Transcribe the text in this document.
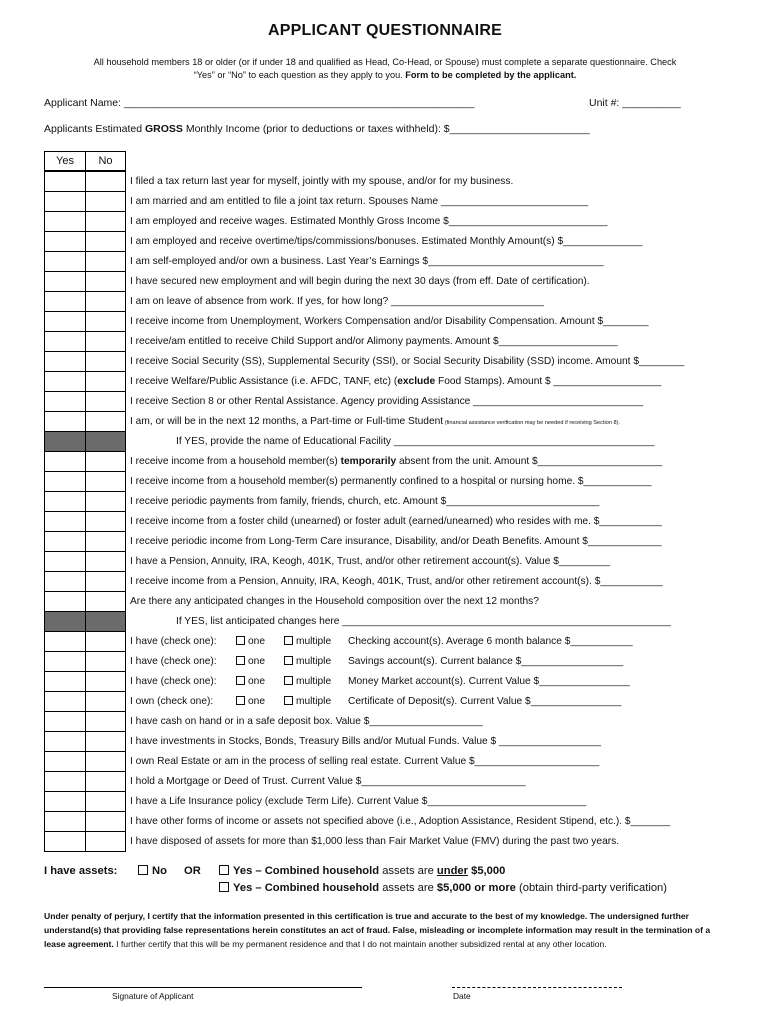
APPLICANT QUESTIONNAIRE
All household members 18 or older (or if under 18 and qualified as Head, Co-Head, or Spouse) must complete a separate questionnaire. Check
“Yes” or “No” to each question as they apply to you. Form to be completed by the applicant.
Applicant Name: ____________________________________________________________	Unit #: __________
Applicants Estimated GROSS Monthly Income (prior to deductions or taxes withheld): $________________________
Yes	No
I filed a tax return last year for myself, jointly with my spouse, and/or for my business.
I am married and am entitled to file a joint tax return. Spouses Name __________________________
I am employed and receive wages. Estimated Monthly Gross Income $____________________________
I am employed and receive overtime/tips/commissions/bonuses. Estimated Monthly Amount(s) $______________
I am self-employed and/or own a business. Last Year’s Earnings $_______________________________
I have secured new employment and will begin during the next 30 days (from eff. Date of certification).
I am on leave of absence from work. If yes, for how long? ___________________________
I receive income from Unemployment, Workers Compensation and/or Disability Compensation. Amount $________
I receive/am entitled to receive Child Support and/or Alimony payments. Amount $_____________________
I receive Social Security (SS), Supplemental Security (SSI), or Social Security Disability (SSD) income. Amount $________
I receive Welfare/Public Assistance (i.e. AFDC, TANF, etc) (exclude Food Stamps). Amount $ ___________________
I receive Section 8 or other Rental Assistance. Agency providing Assistance ______________________________
I am, or will be in the next 12 months, a Part-time or Full-time Student (financial assistance verification may be needed if receiving Section 8).
If YES, provide the name of Educational Facility ______________________________________________
I receive income from a household member(s) temporarily absent from the unit. Amount $______________________
I receive income from a household member(s) permanently confined to a hospital or nursing home. $____________
I receive periodic payments from family, friends, church, etc. Amount $___________________________
I receive income from a foster child (unearned) or foster adult (earned/unearned) who resides with me. $___________
I receive periodic income from Long-Term Care insurance, Disability, and/or Death Benefits. Amount $_____________
I have a Pension, Annuity, IRA, Keogh, 401K, Trust, and/or other retirement account(s). Value $_________
I receive income from a Pension, Annuity, IRA, Keogh, 401K, Trust, and/or other retirement account(s). $___________
Are there any anticipated changes in the Household composition over the next 12 months?
If YES, list anticipated changes here __________________________________________________________
I have (check one):	one	multiple Checking account(s). Average 6 month balance $___________
I have (check one):	one	multiple Savings account(s). Current balance $__________________
I have (check one):	one	multiple Money Market account(s). Current Value $________________
I own (check one):	one	multiple Certificate of Deposit(s). Current Value $________________
I have cash on hand or in a safe deposit box. Value $____________________
I have investments in Stocks, Bonds, Treasury Bills and/or Mutual Funds. Value $ __________________
I own Real Estate or am in the process of selling real estate. Current Value $______________________
I hold a Mortgage or Deed of Trust. Current Value $_____________________________
I have a Life Insurance policy (exclude Term Life). Current Value $____________________________
I have other forms of income or assets not specified above (i.e., Adoption Assistance, Resident Stipend, etc.). $_______
I have disposed of assets for more than $1,000 less than Fair Market Value (FMV) during the past two years.
I have assets:	No OR	Yes – Combined household assets are under $5,000
Yes – Combined household assets are $5,000 or more (obtain third-party verification)
Under penalty of perjury, I certify that the information presented in this certification is true and accurate to the best of my knowledge. The undersigned further understand(s) that providing false representations herein constitutes an act of fraud. False, misleading or incomplete information may result in the termination of a lease agreement. I further certify that this will be my permanent residence and that I do not maintain another subsidized rental at any other location.
Signature of Applicant	Date
